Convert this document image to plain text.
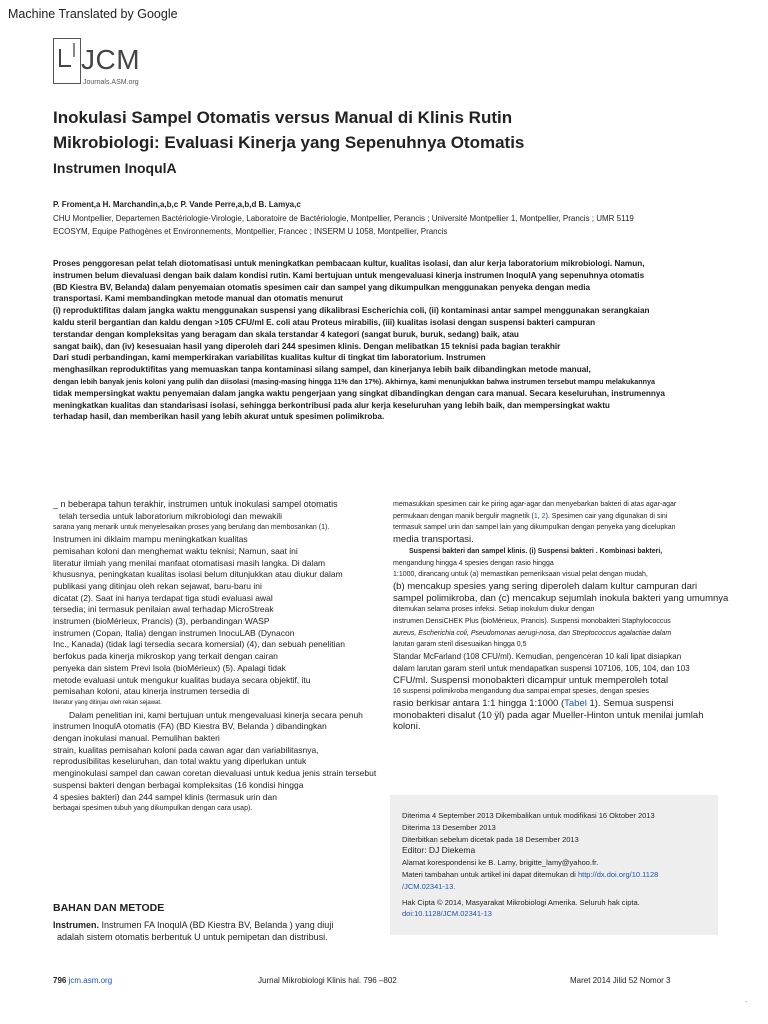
Machine Translated by Google
JCM
Journals.ASM.org
Inokulasi Sampel Otomatis versus Manual di Klinis Rutin
Mikrobiologi: Evaluasi Kinerja yang Sepenuhnya Otomatis
Instrumen InoqulA
P. Froment,a H. Marchandin,a,b,c P. Vande Perre,a,b,d B. Lamya,c
CHU Montpellier, Departemen Bactériologie-Virologie, Laboratoire de Bactériologie, Montpellier, Perancis ; Université Montpellier 1, Montpellier, Prancis ; UMR 5119
ECOSYM, Equipe Pathogènes et Environnements, Montpellier, Francec ; INSERM U 1058, Montpellier, Prancis
Proses penggoresan pelat telah diotomatisasi untuk meningkatkan pembacaan kultur, kualitas isolasi, dan alur kerja laboratorium mikrobiologi. Namun,
instrumen belum dievaluasi dengan baik dalam kondisi rutin. Kami bertujuan untuk mengevaluasi kinerja instrumen InoqulA yang sepenuhnya otomatis
(BD Kiestra BV, Belanda) dalam penyemaian otomatis spesimen cair dan sampel yang dikumpulkan menggunakan penyeka dengan media
transportasi. Kami membandingkan metode manual dan otomatis menurut
(i) reproduktifitas dalam jangka waktu menggunakan suspensi yang dikalibrasi Escherichia coli, (ii) kontaminasi antar sampel menggunakan serangkaian
kaldu steril bergantian dan kaldu dengan >105 CFU/ml E. coli atau Proteus mirabilis, (iii) kualitas isolasi dengan suspensi bakteri campuran
terstandar dengan kompleksitas yang beragam dan skala terstandar 4 kategori (sangat buruk, buruk, sedang) baik, atau
sangat baik), dan (iv) kesesuaian hasil yang diperoleh dari 244 spesimen klinis. Dengan melibatkan 15 teknisi pada bagian terakhir
Dari studi perbandingan, kami memperkirakan variabilitas kualitas kultur di tingkat tim laboratorium. Instrumen
menghasilkan reproduktifitas yang memuaskan tanpa kontaminasi silang sampel, dan kinerjanya lebih baik dibandingkan metode manual,
dengan lebih banyak jenis koloni yang pulih dan diisolasi (masing-masing hingga 11% dan 17%). Akhirnya, kami menunjukkan bahwa instrumen tersebut mampu melakukannya
tidak mempersingkat waktu penyemaian dalam jangka waktu pengerjaan yang singkat dibandingkan dengan cara manual. Secara keseluruhan, instrumennya
meningkatkan kualitas dan standarisasi isolasi, sehingga berkontribusi pada alur kerja keseluruhan yang lebih baik, dan mempersingkat waktu
terhadap hasil, dan memberikan hasil yang lebih akurat untuk spesimen polimikroba.
_ n beberapa tahun terakhir, instrumen untuk inokulasi sampel otomatis
telah tersedia untuk laboratorium mikrobiologi dan mewakili
sarana yang menarik untuk menyelesaikan proses yang berulang dan membosankan (1).
Instrumen ini diklaim mampu meningkatkan kualitas
pemisahan koloni dan menghemat waktu teknisi; Namun, saat ini
literatur ilmiah yang menilai manfaat otomatisasi masih langka. Di dalam
khususnya, peningkatan kualitas isolasi belum ditunjukkan atau diukur dalam
publikasi yang ditinjau oleh rekan sejawat, baru-baru ini
dicatat (2). Saat ini hanya terdapat tiga studi evaluasi awal
tersedia; ini termasuk penilaian awal terhadap MicroStreak
instrumen (bioMérieux, Prancis) (3), perbandingan WASP
instrumen (Copan, Italia) dengan instrumen InocuLAB (Dynacon
Inc., Kanada) (tidak lagi tersedia secara komersial) (4), dan sebuah penelitian
berfokus pada kinerja mikroskop yang terkait dengan cairan
penyeka dan sistem Previ Isola (bioMérieux) (5). Apalagi tidak
metode evaluasi untuk mengukur kualitas budaya secara objektif, itu
pemisahan koloni, atau kinerja instrumen tersedia di
literatur yang ditinjau oleh rekan sejawat.
Dalam penelitian ini, kami bertujuan untuk mengevaluasi kinerja secara penuh
instrumen InoqulA otomatis (FA) (BD Kiestra BV, Belanda ) dibandingkan
dengan inokulasi manual. Pemulihan bakteri
strain, kualitas pemisahan koloni pada cawan agar dan variabilitasnya,
reprodusibilitas keseluruhan, dan total waktu yang diperlukan untuk
menginokulasi sampel dan cawan coretan dievaluasi untuk kedua jenis strain tersebut
suspensi bakteri dengan berbagai kompleksitas (16 kondisi hingga
4 spesies bakteri) dan 244 sampel klinis (termasuk urin dan
berbagai spesimen tubuh yang dikumpulkan dengan cara usap).
memasukkan spesimen cair ke piring agar-agar dan menyebarkan bakteri di atas agar-agar
permukaan dengan manik bergulir magnetik (1, 2). Spesimen cair yang digunakan di sini
termasuk sampel urin dan sampel lain yang dikumpulkan dengan penyeka yang dicelupkan
media transportasi.
Suspensi bakteri dan sampel klinis. (i) Suspensi bakteri . Kombinasi bakteri,
mengandung hingga 4 spesies dengan rasio hingga
1:1000, dirancang untuk (a) memastikan pemeriksaan visual pelat dengan mudah,
(b) mencakup spesies yang sering diperoleh dalam kultur campuran dari
sampel polimikroba, dan (c) mencakup sejumlah inokula bakteri yang umumnya
ditemukan selama proses infeksi. Setiap inokulum diukur dengan
instrumen DensiCHEK Plus (bioMérieux, Prancis). Suspensi monobakteri Staphylococcus
aureus, Escherichia coli, Pseudomonas aerugi-nosa, dan Streptococcus agalactiae dalam
larutan garam steril disesuaikan hingga 0,5
Standar McFarland (108 CFU/ml). Kemudian, pengenceran 10 kali lipat disiapkan
dalam larutan garam steril untuk mendapatkan suspensi 107106, 105, 104, dan 103
CFU/ml. Suspensi monobakteri dicampur untuk memperoleh total
16 suspensi polimikroba mengandung dua sampai empat spesies, dengan spesies
rasio berkisar antara 1:1 hingga 1:1000 (Tabel 1). Semua suspensi
monobakteri disalut (10 ÿl) pada agar Mueller-Hinton untuk menilai jumlah
koloni.
Diterima 4 September 2013 Dikembalikan untuk modifikasi 16 Oktober 2013
Diterima 13 Desember 2013
Diterbitkan sebelum dicetak pada 18 Desember 2013
Editor: DJ Diekema
Alamat korespondensi ke B. Lamy, brigitte_lamy@yahoo.fr.
Materi tambahan untuk artikel ini dapat ditemukan di http://dx.doi.org/10.1128
/JCM.02341-13.
Hak Cipta © 2014, Masyarakat Mikrobiologi Amerika. Seluruh hak cipta.
doi:10.1128/JCM.02341-13
BAHAN DAN METODE
Instrumen. Instrumen FA InoqulA (BD Kiestra BV, Belanda ) yang diuji
adalah sistem otomatis berbentuk U untuk pemipetan dan distribusi.
796 jcm.asm.org	Jurnal Mikrobiologi Klinis hal. 796 –802	Maret 2014 Jilid 52 Nomor 3
-
